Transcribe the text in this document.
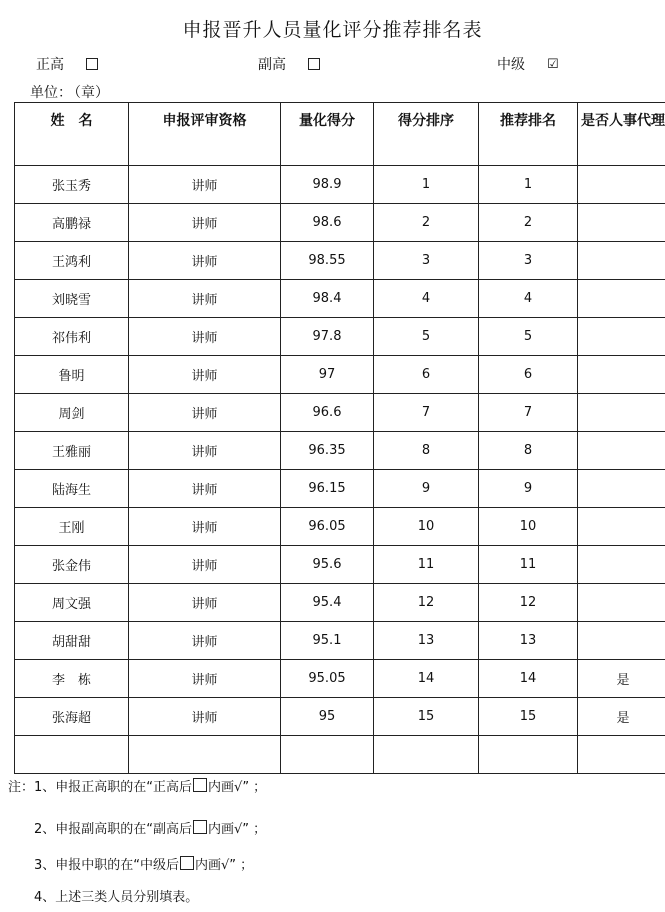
申报晋升人员量化评分推荐排名表
正高	副高	中级 ☑
单位： （章）
姓　名	申报评审资格	量化得分	得分排序	推荐排名	是否人事代理
张玉秀	讲师	98.9	1	1	
高鹏禄	讲师	98.6	2	2	
王鸿利	讲师	98.55	3	3	
刘晓雪	讲师	98.4	4	4	
祁伟利	讲师	97.8	5	5	
鲁明	讲师	97	6	6	
周剑	讲师	96.6	7	7	
王雅丽	讲师	96.35	8	8	
陆海生	讲师	96.15	9	9	
王刚	讲师	96.05	10	10	
张金伟	讲师	95.6	11	11	
周文强	讲师	95.4	12	12	
胡甜甜	讲师	95.1	13	13	
李　栋	讲师	95.05	14	14	是
张海超	讲师	95	15	15	是

注：1、申报正高职的在“正高后 内画√” ；
2、申报副高职的在“副高后 内画√” ；
3、申报中职的在“中级后 内画√” ；
4、上述三类人员分别填表。
